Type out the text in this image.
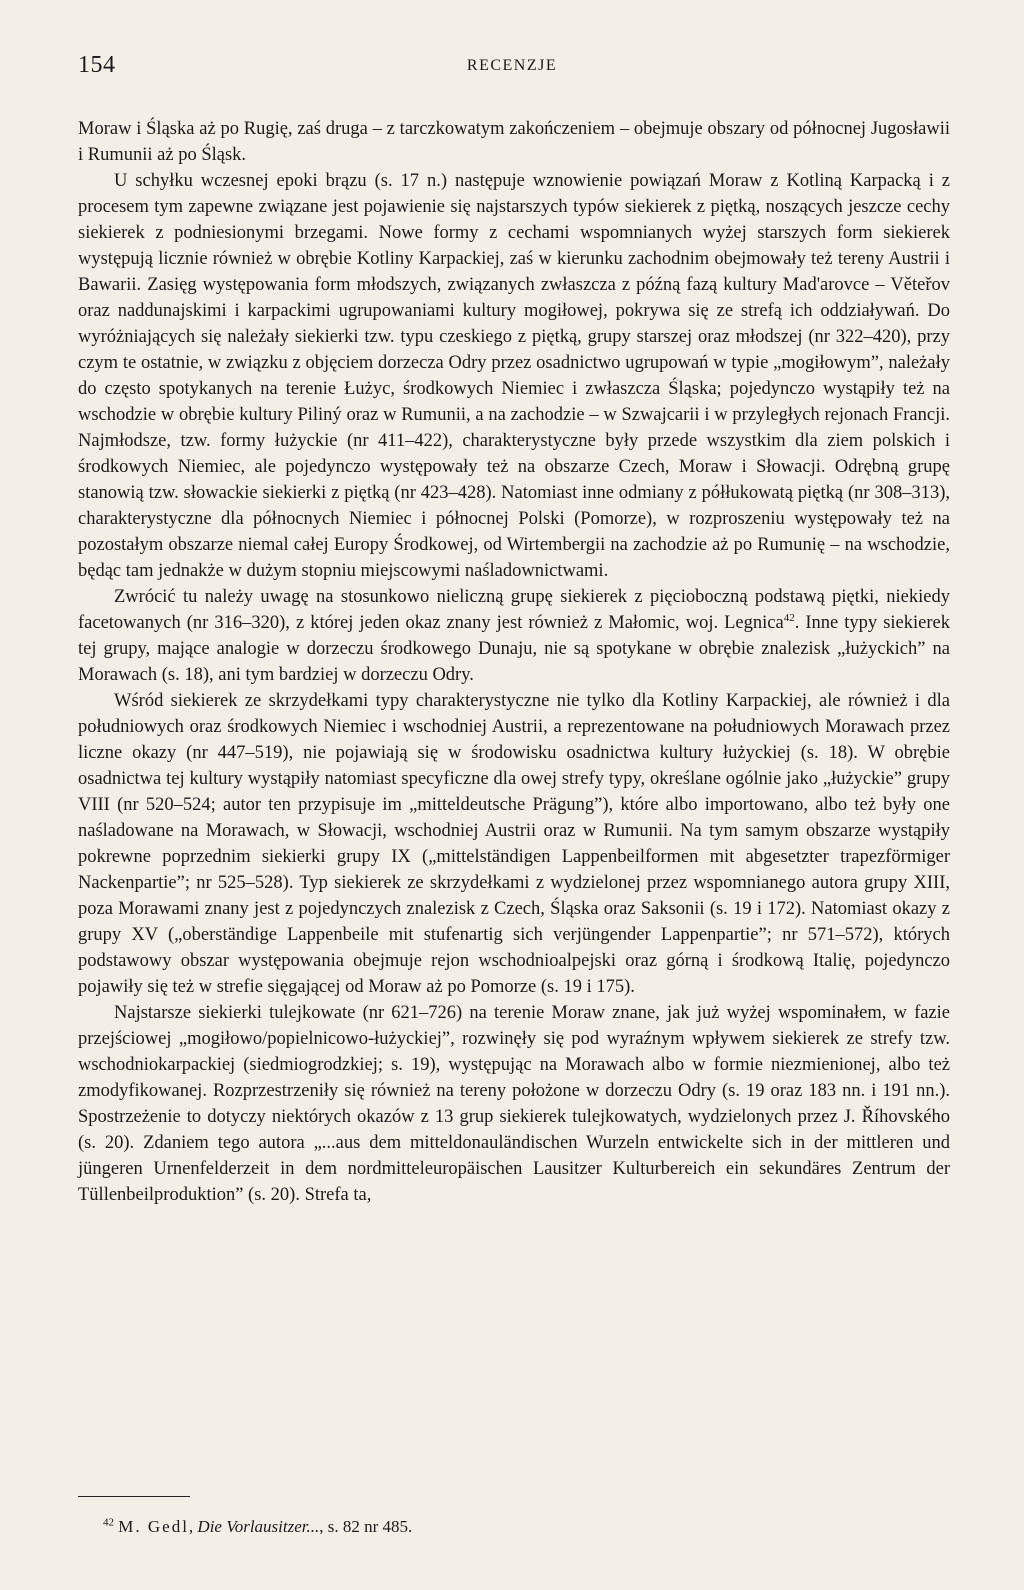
154	RECENZJE

Moraw i Śląska aż po Rugię, zaś druga – z tarczkowatym zakończeniem – obejmuje obszary od północnej Jugosławii i Rumunii aż po Śląsk.

U schyłku wczesnej epoki brązu (s. 17 n.) następuje wznowienie powiązań Moraw z Kotliną Karpacką i z procesem tym zapewne związane jest pojawienie się najstarszych typów siekierek z piętką, noszących jeszcze cechy siekierek z podniesionymi brzegami. Nowe formy z cechami wspomnianych wyżej starszych form siekierek występują licznie również w obrębie Kotliny Karpackiej, zaś w kierunku zachodnim obejmowały też tereny Austrii i Bawarii. Zasięg występowania form młodszych, związanych zwłaszcza z późną fazą kultury Mad'arovce – Věteřov oraz naddunajskimi i karpackimi ugrupowaniami kultury mogiłowej, pokrywa się ze strefą ich oddziaływań. Do wyróżniających się należały siekierki tzw. typu czeskiego z piętką, grupy starszej oraz młodszej (nr 322–420), przy czym te ostatnie, w związku z objęciem dorzecza Odry przez osadnictwo ugrupowań w typie „mogiłowym”, należały do często spotykanych na terenie Łużyc, środkowych Niemiec i zwłaszcza Śląska; pojedynczo wystąpiły też na wschodzie w obrębie kultury Piliný oraz w Rumunii, a na zachodzie – w Szwajcarii i w przyległych rejonach Francji. Najmłodsze, tzw. formy łużyckie (nr 411–422), charakterystyczne były przede wszystkim dla ziem polskich i środkowych Niemiec, ale pojedynczo występowały też na obszarze Czech, Moraw i Słowacji. Odrębną grupę stanowią tzw. słowackie siekierki z piętką (nr 423–428). Natomiast inne odmiany z półłukowatą piętką (nr 308–313), charakterystyczne dla północnych Niemiec i północnej Polski (Pomorze), w rozproszeniu występowały też na pozostałym obszarze niemal całej Europy Środkowej, od Wirtembergii na zachodzie aż po Rumunię – na wschodzie, będąc tam jednakże w dużym stopniu miejscowymi naśladownictwami.

Zwrócić tu należy uwagę na stosunkowo nieliczną grupę siekierek z pięcioboczną podstawą piętki, niekiedy facetowanych (nr 316–320), z której jeden okaz znany jest również z Małomic, woj. Legnica$^{42}$. Inne typy siekierek tej grupy, mające analogie w dorzeczu środkowego Dunaju, nie są spotykane w obrębie znalezisk „łużyckich” na Morawach (s. 18), ani tym bardziej w dorzeczu Odry.

Wśród siekierek ze skrzydełkami typy charakterystyczne nie tylko dla Kotliny Karpackiej, ale również i dla południowych oraz środkowych Niemiec i wschodniej Austrii, a reprezentowane na południowych Morawach przez liczne okazy (nr 447–519), nie pojawiają się w środowisku osadnictwa kultury łużyckiej (s. 18). W obrębie osadnictwa tej kultury wystąpiły natomiast specyficzne dla owej strefy typy, określane ogólnie jako „łużyckie” grupy VIII (nr 520–524; autor ten przypisuje im „mitteldeutsche Prägung”), które albo importowano, albo też były one naśladowane na Morawach, w Słowacji, wschodniej Austrii oraz w Rumunii. Na tym samym obszarze wystąpiły pokrewne poprzednim siekierki grupy IX („mittelständigen Lappenbeilformen mit abgesetzter trapezförmiger Nackenpartie”; nr 525–528). Typ siekierek ze skrzydełkami z wydzielonej przez wspomnianego autora grupy XIII, poza Morawami znany jest z pojedynczych znalezisk z Czech, Śląska oraz Saksonii (s. 19 i 172). Natomiast okazy z grupy XV („oberständige Lappenbeile mit stufenartig sich verjüngender Lappenpartie”; nr 571–572), których podstawowy obszar występowania obejmuje rejon wschodnioalpejski oraz górną i środkową Italię, pojedynczo pojawiły się też w strefie sięgającej od Moraw aż po Pomorze (s. 19 i 175).

Najstarsze siekierki tulejkowate (nr 621–726) na terenie Moraw znane, jak już wyżej wspominałem, w fazie przejściowej „mogiłowo/popielnicowo-łużyckiej”, rozwinęły się pod wyraźnym wpływem siekierek ze strefy tzw. wschodniokarpackiej (siedmiogrodzkiej; s. 19), występując na Morawach albo w formie niezmienionej, albo też zmodyfikowanej. Rozprzestrzeniły się również na tereny położone w dorzeczu Odry (s. 19 oraz 183 nn. i 191 nn.). Spostrzeżenie to dotyczy niektórych okazów z 13 grup siekierek tulejkowatych, wydzielonych przez J. Říhovského (s. 20). Zdaniem tego autora „...aus dem mitteldonauländischen Wurzeln entwickelte sich in der mittleren und jüngeren Urnenfelderzeit in dem nordmitteleuropäischen Lausitzer Kulturbereich ein sekundäres Zentrum der Tüllenbeilproduktion” (s. 20). Strefa ta,

$^{42}$ M. Gedl, Die Vorlausitzer..., s. 82 nr 485.
